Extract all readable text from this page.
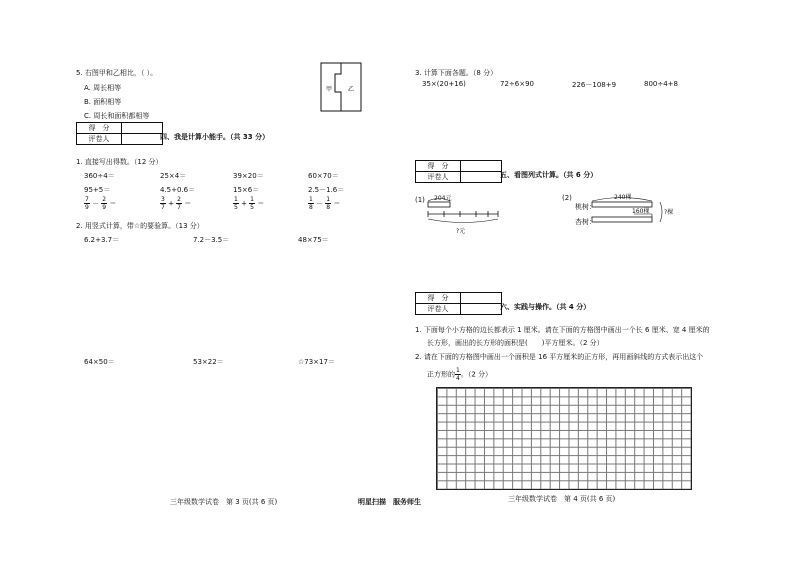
5. 右图甲和乙相比，（ ）。
A. 周长相等
B. 面积相等
C. 周长和面积都相等
甲	乙
得　分	
评卷人		四、我是计算小能手。（共 33 分）
1. 直接写出得数。（12 分）
360÷4＝	25×4＝	39×20＝	60×70＝
95+5＝	4.5+0.6＝	15×6＝	2.5－1.6＝
$\frac{7}{9} - \frac{2}{9}$ ＝	$\frac{3}{7} + \frac{2}{7}$ ＝	$\frac{1}{5} + \frac{1}{5}$ ＝	$\frac{1}{8} - \frac{1}{8}$ ＝
2. 用竖式计算，带☆的要验算。（13 分）
6.2+3.7＝	7.2－3.5＝	48×75＝
64×50＝	53×22＝	☆73×17＝
三年级数学试卷　第 3 页(共 6 页)	明星扫描　服务师生
3. 计算下面各题。（8 分）
35×(20+16)	72÷6×90	226－108+9	800÷4+8
得　分	
评卷人		五、看图列式计算。（共 6 分）
(1) 204元
?元
(2)
桃树：
杏树：
240棵
160棵 ?棵
得　分	
评卷人		六、实践与操作。（共 4 分）
1. 下面每个小方格的边长都表示 1 厘米。请在下面的方格图中画出一个长 6 厘米、宽 4 厘米的
长方形，画出的长方形的面积是(　　)平方厘米。（2 分）
2. 请在下面的方格图中画出一个面积是 16 平方厘米的正方形，再用画斜线的方式表示出这个
正方形的 $\frac{1}{4}$ 。（2 分）
三年级数学试卷　第 4 页(共 6 页)
